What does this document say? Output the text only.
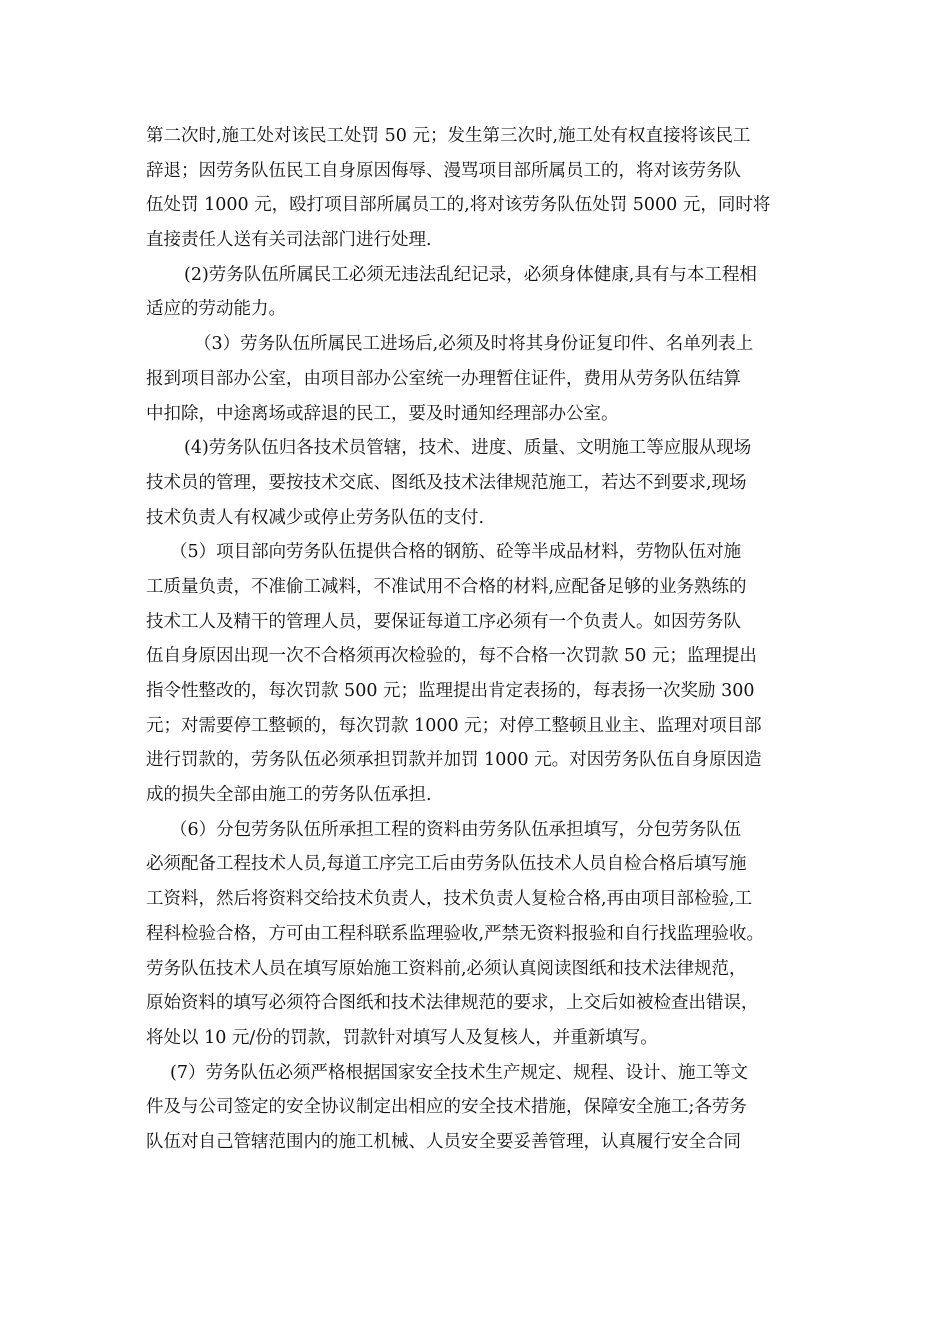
第二次时,施工处对该民工处罚 50 元；发生第三次时,施工处有权直接将该民工
辞退；因劳务队伍民工自身原因侮辱、漫骂项目部所属员工的，将对该劳务队
伍处罚 1000 元，殴打项目部所属员工的,将对该劳务队伍处罚 5000 元，同时将
直接责任人送有关司法部门进行处理.
(2)劳务队伍所属民工必须无违法乱纪记录，必须身体健康,具有与本工程相
适应的劳动能力。
（3）劳务队伍所属民工进场后,必须及时将其身份证复印件、名单列表上
报到项目部办公室，由项目部办公室统一办理暂住证件，费用从劳务队伍结算
中扣除，中途离场或辞退的民工，要及时通知经理部办公室。
(4)劳务队伍归各技术员管辖，技术、进度、质量、文明施工等应服从现场
技术员的管理，要按技术交底、图纸及技术法律规范施工，若达不到要求,现场
技术负责人有权减少或停止劳务队伍的支付.
（5）项目部向劳务队伍提供合格的钢筋、砼等半成品材料，劳物队伍对施
工质量负责，不准偷工减料，不准试用不合格的材料,应配备足够的业务熟练的
技术工人及精干的管理人员，要保证每道工序必须有一个负责人。如因劳务队
伍自身原因出现一次不合格须再次检验的，每不合格一次罚款 50 元；监理提出
指令性整改的，每次罚款 500 元；监理提出肯定表扬的，每表扬一次奖励 300
元；对需要停工整顿的，每次罚款 1000 元；对停工整顿且业主、监理对项目部
进行罚款的，劳务队伍必须承担罚款并加罚 1000 元。对因劳务队伍自身原因造
成的损失全部由施工的劳务队伍承担.
（6）分包劳务队伍所承担工程的资料由劳务队伍承担填写，分包劳务队伍
必须配备工程技术人员,每道工序完工后由劳务队伍技术人员自检合格后填写施
工资料，然后将资料交给技术负责人，技术负责人复检合格,再由项目部检验,工
程科检验合格，方可由工程科联系监理验收,严禁无资料报验和自行找监理验收。
劳务队伍技术人员在填写原始施工资料前,必须认真阅读图纸和技术法律规范，
原始资料的填写必须符合图纸和技术法律规范的要求，上交后如被检查出错误，
将处以 10 元/份的罚款，罚款针对填写人及复核人，并重新填写。
(7）劳务队伍必须严格根据国家安全技术生产规定、规程、设计、施工等文
件及与公司签定的安全协议制定出相应的安全技术措施，保障安全施工;各劳务
队伍对自己管辖范围内的施工机械、人员安全要妥善管理，认真履行安全合同
